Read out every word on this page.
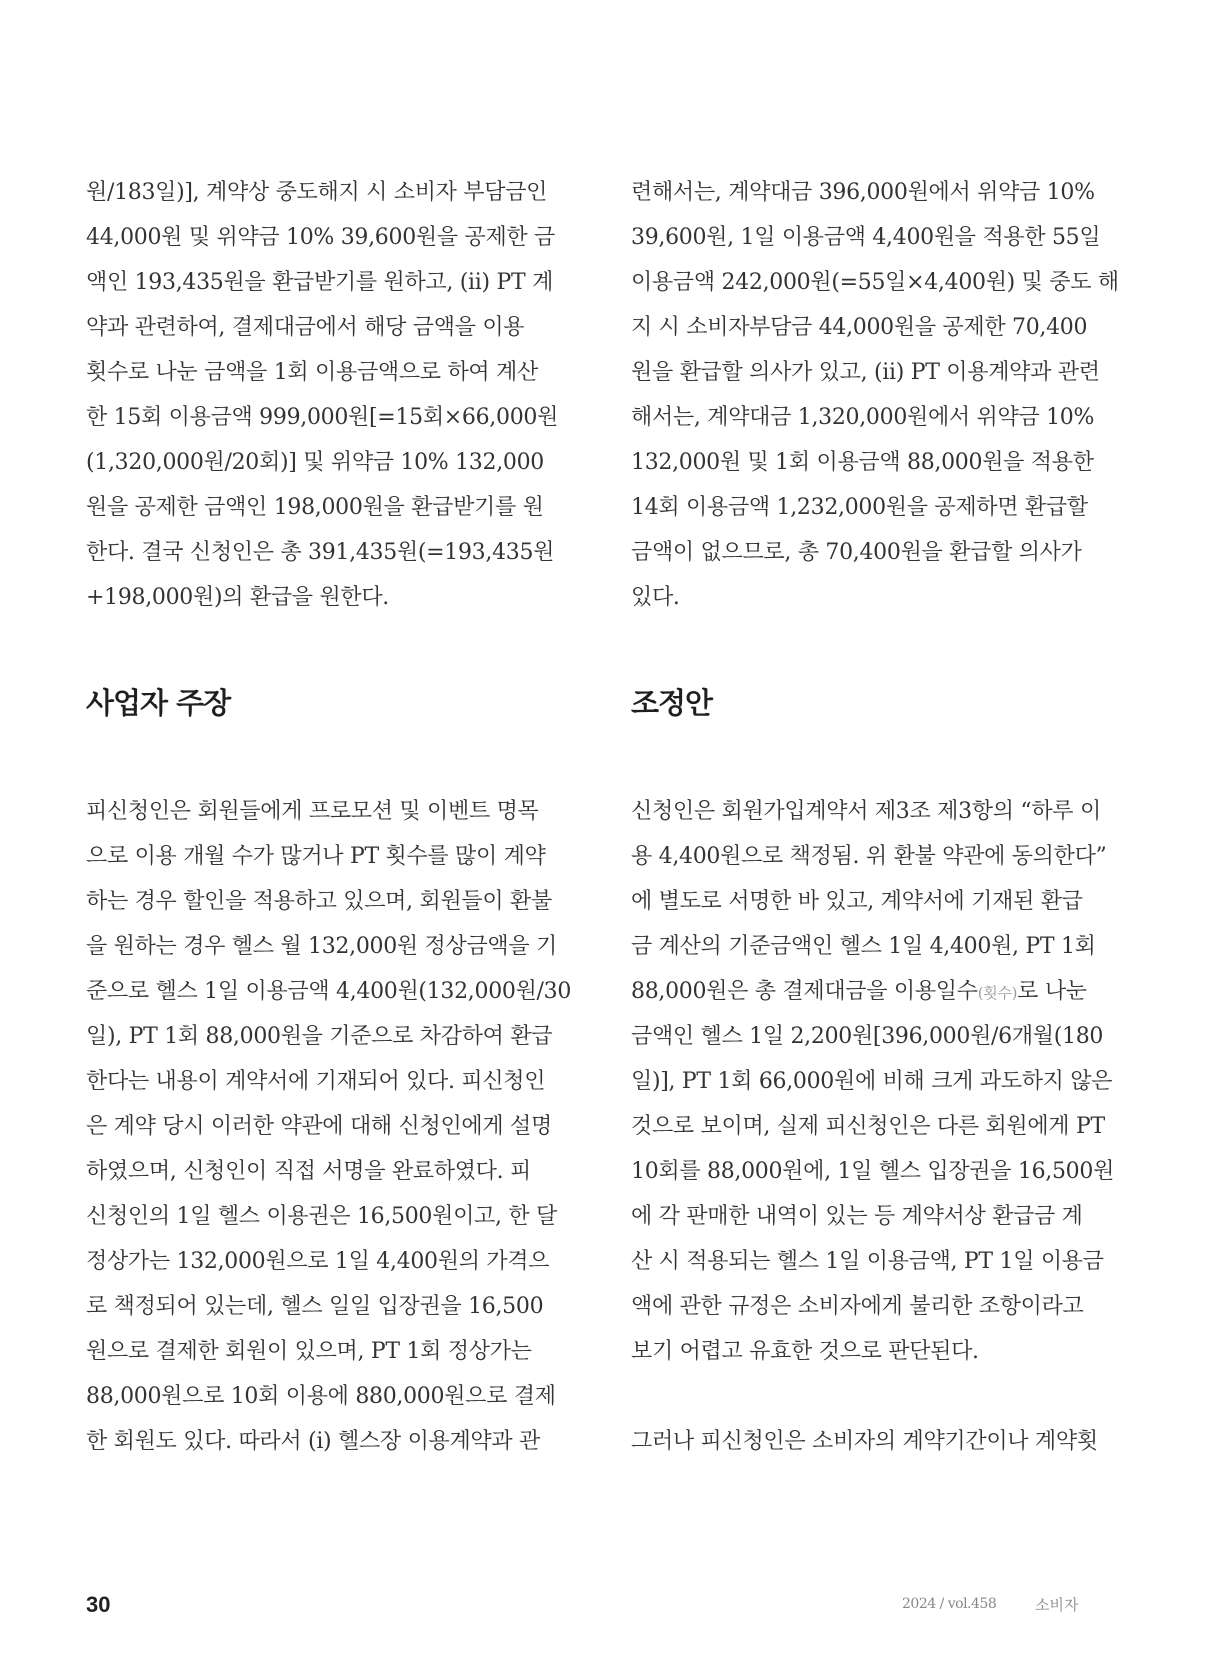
원/183일)], 계약상 중도해지 시 소비자 부담금인
44,000원 및 위약금 10% 39,600원을 공제한 금
액인 193,435원을 환급받기를 원하고, (ii) PT 계
약과 관련하여, 결제대금에서 해당 금액을 이용
횟수로 나눈 금액을 1회 이용금액으로 하여 계산
한 15회 이용금액 999,000원[=15회×66,000원
(1,320,000원/20회)] 및 위약금 10% 132,000
원을 공제한 금액인 198,000원을 환급받기를 원
한다. 결국 신청인은 총 391,435원(=193,435원
+198,000원)의 환급을 원한다.
사업자 주장
피신청인은 회원들에게 프로모션 및 이벤트 명목
으로 이용 개월 수가 많거나 PT 횟수를 많이 계약
하는 경우 할인을 적용하고 있으며, 회원들이 환불
을 원하는 경우 헬스 월 132,000원 정상금액을 기
준으로 헬스 1일 이용금액 4,400원(132,000원/30
일), PT 1회 88,000원을 기준으로 차감하여 환급
한다는 내용이 계약서에 기재되어 있다. 피신청인
은 계약 당시 이러한 약관에 대해 신청인에게 설명
하였으며, 신청인이 직접 서명을 완료하였다. 피
신청인의 1일 헬스 이용권은 16,500원이고, 한 달
정상가는 132,000원으로 1일 4,400원의 가격으
로 책정되어 있는데, 헬스 일일 입장권을 16,500
원으로 결제한 회원이 있으며, PT 1회 정상가는
88,000원으로 10회 이용에 880,000원으로 결제
한 회원도 있다. 따라서 (i) 헬스장 이용계약과 관
련해서는, 계약대금 396,000원에서 위약금 10%
39,600원, 1일 이용금액 4,400원을 적용한 55일
이용금액 242,000원(=55일×4,400원) 및 중도 해
지 시 소비자부담금 44,000원을 공제한 70,400
원을 환급할 의사가 있고, (ii) PT 이용계약과 관련
해서는, 계약대금 1,320,000원에서 위약금 10%
132,000원 및 1회 이용금액 88,000원을 적용한
14회 이용금액 1,232,000원을 공제하면 환급할
금액이 없으므로, 총 70,400원을 환급할 의사가
있다.
조정안
신청인은 회원가입계약서 제3조 제3항의 “하루 이
용 4,400원으로 책정됨. 위 환불 약관에 동의한다”
에 별도로 서명한 바 있고, 계약서에 기재된 환급
금 계산의 기준금액인 헬스 1일 4,400원, PT 1회
88,000원은 총 결제대금을 이용일수(횟수)로 나눈
금액인 헬스 1일 2,200원[396,000원/6개월(180
일)], PT 1회 66,000원에 비해 크게 과도하지 않은
것으로 보이며, 실제 피신청인은 다른 회원에게 PT
10회를 88,000원에, 1일 헬스 입장권을 16,500원
에 각 판매한 내역이 있는 등 계약서상 환급금 계
산 시 적용되는 헬스 1일 이용금액, PT 1일 이용금
액에 관한 규정은 소비자에게 불리한 조항이라고
보기 어렵고 유효한 것으로 판단된다.
그러나 피신청인은 소비자의 계약기간이나 계약횟
30	2024 / vol.458	소비자
